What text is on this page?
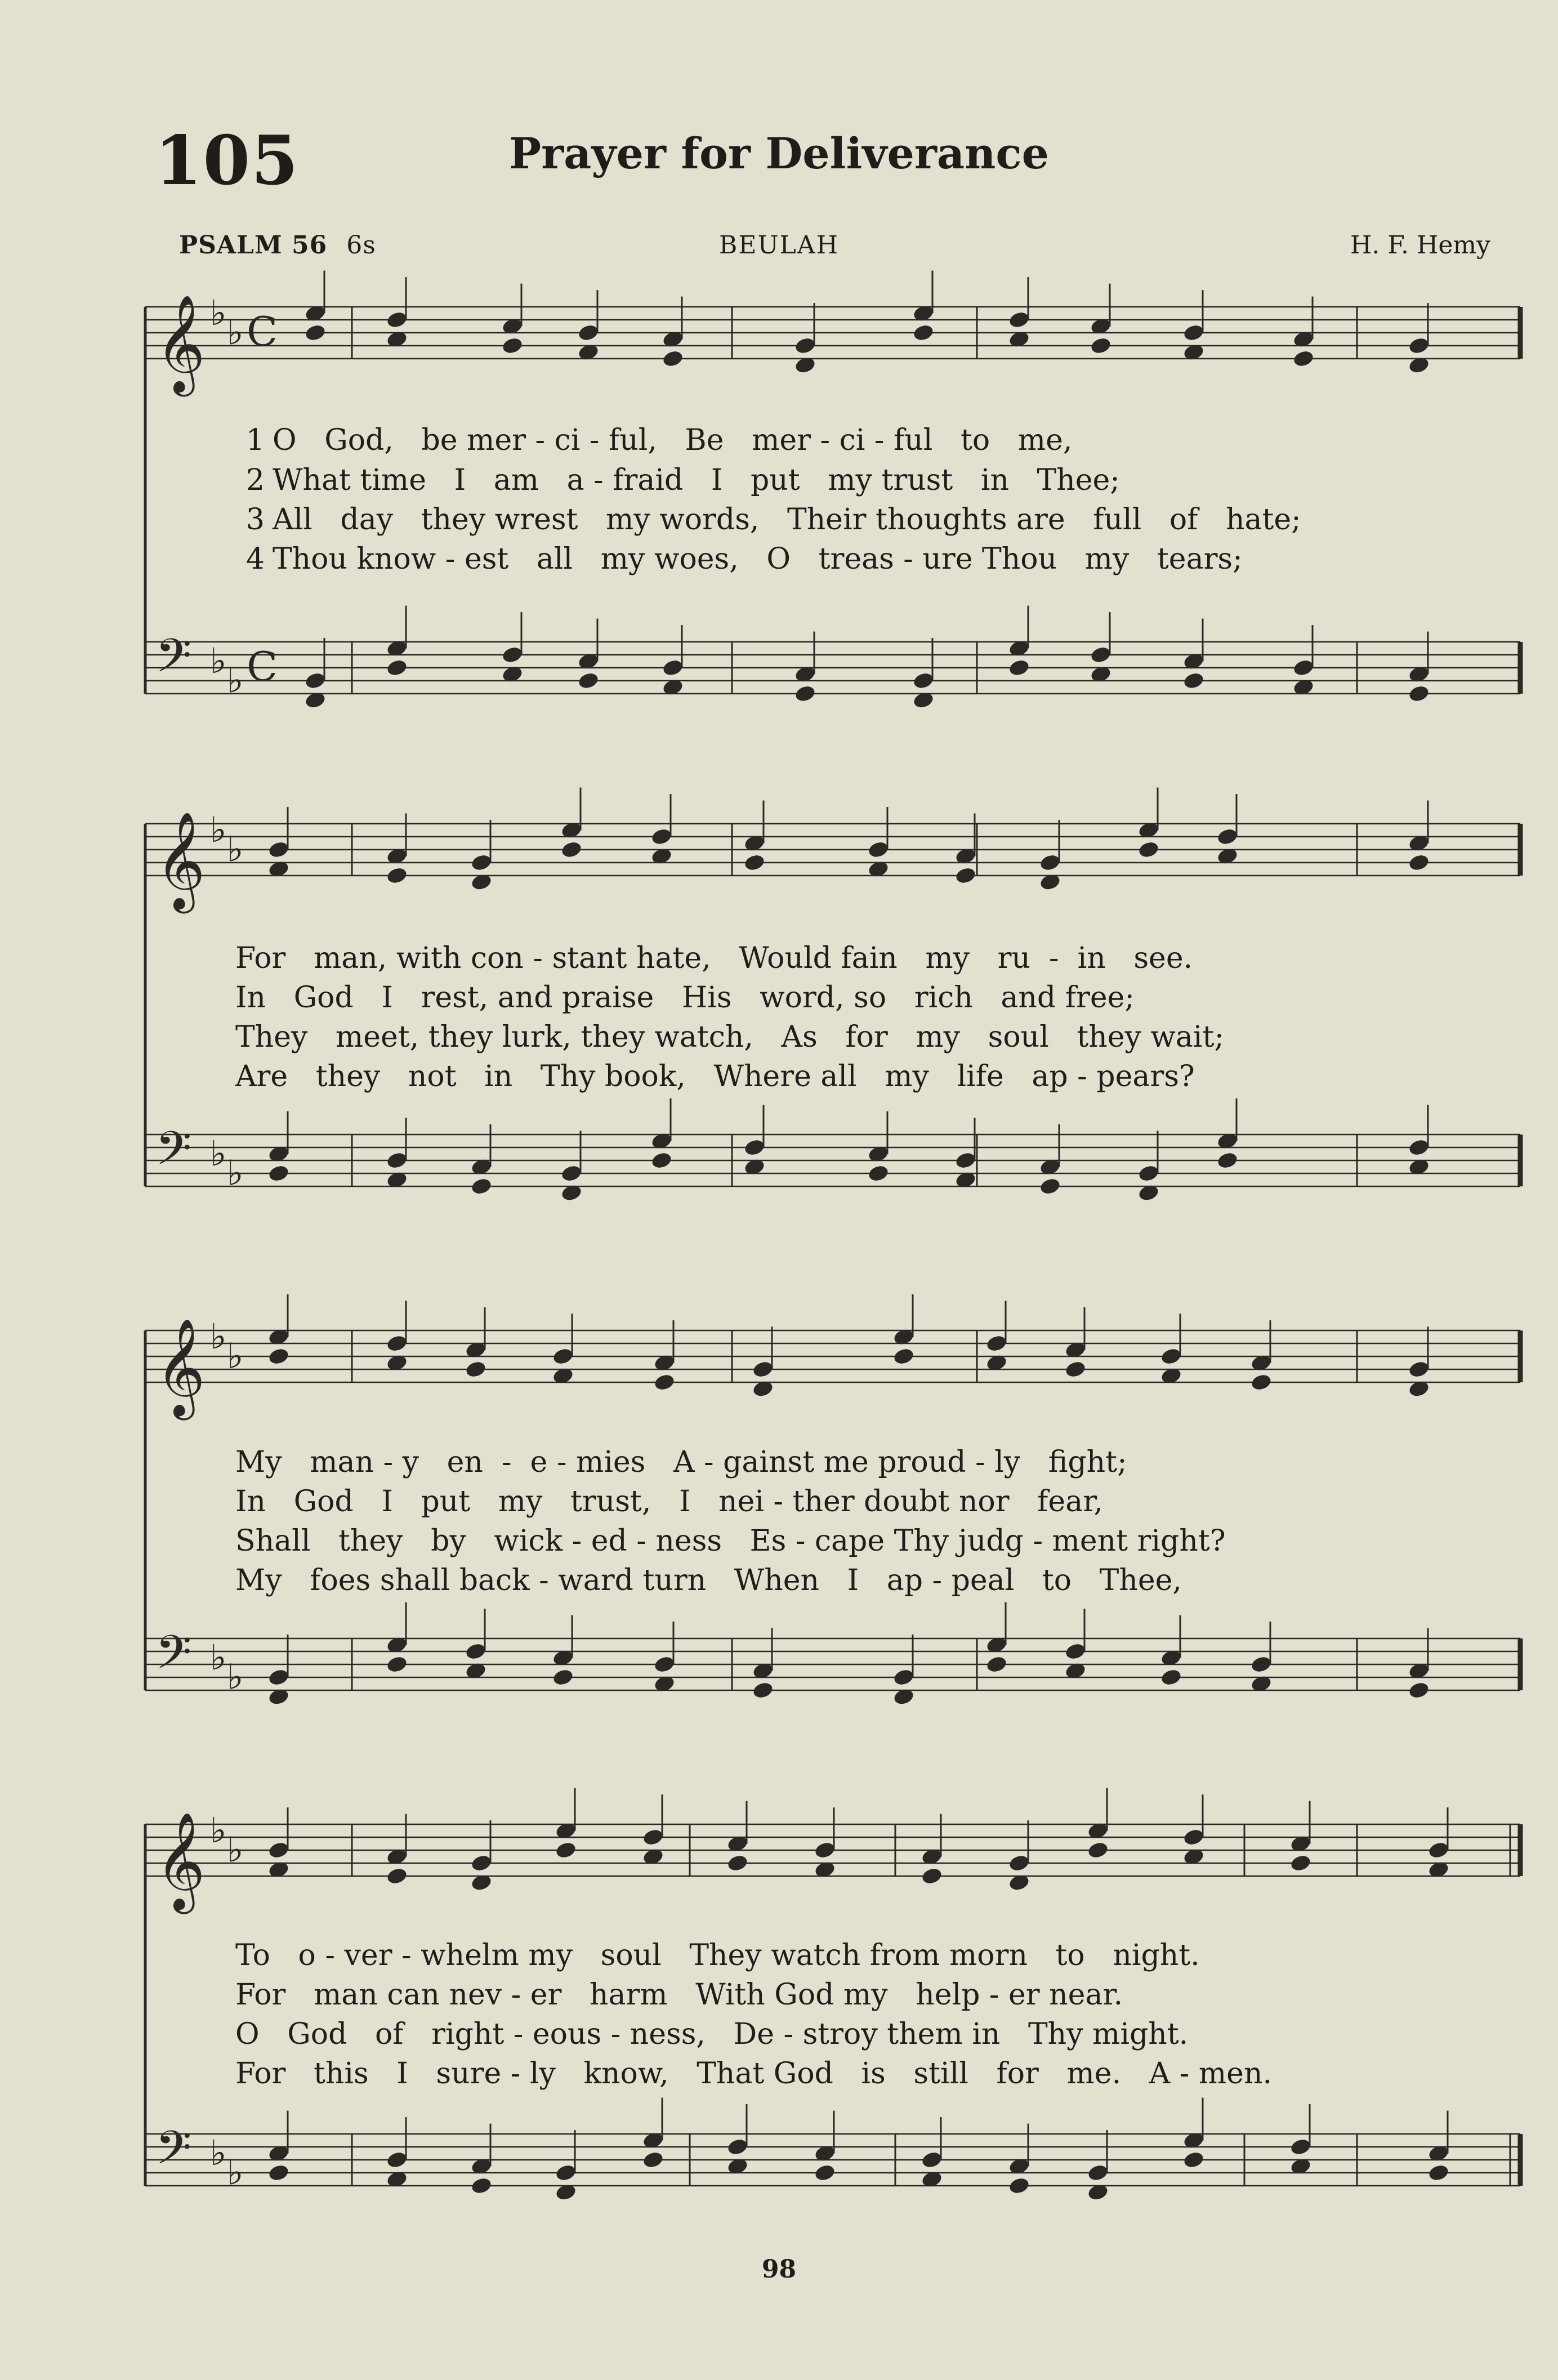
105	Prayer for Deliverance
PSALM 56 6s	BEULAH	H. F. Hemy
𝄞 ♭ ♭ C
𝄢 ♭ ♭ C
𝄞 ♭ ♭
𝄢 ♭ ♭
𝄞 ♭ ♭
𝄢 ♭ ♭
𝄞 ♭ ♭
𝄢 ♭ ♭
1 O   God,   be mer - ci - ful,   Be   mer - ci - ful   to   me,
2 What time   I   am   a - fraid   I   put   my trust   in   Thee;
3 All   day   they wrest   my words,   Their thoughts are   full   of   hate;
4 Thou know - est   all   my woes,   O   treas - ure Thou   my   tears;
For   man, with con - stant hate,   Would fain   my   ru  -  in   see.
In   God   I   rest, and praise   His   word, so   rich   and free;
They   meet, they lurk, they watch,   As   for   my   soul   they wait;
Are   they   not   in   Thy book,   Where all   my   life   ap - pears?
My   man - y   en  -  e - mies   A - gainst me proud - ly   fight;
In   God   I   put   my   trust,   I   nei - ther doubt nor   fear,
Shall   they   by   wick - ed - ness   Es - cape Thy judg - ment right?
My   foes shall back - ward turn   When   I   ap - peal   to   Thee,
To   o - ver - whelm my   soul   They watch from morn   to   night.
For   man can nev - er   harm   With God my   help - er near.
O   God   of   right - eous - ness,   De - stroy them in   Thy might.
For   this   I   sure - ly   know,   That God   is   still   for   me.   A - men.
98
